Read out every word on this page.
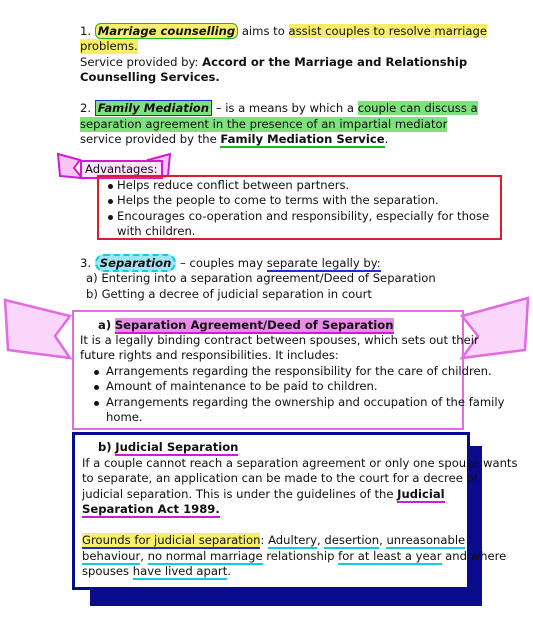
1. Marriage counselling aims to assist couples to resolve marriage
problems.
Service provided by: Accord or the Marriage and Relationship
Counselling Services.
2. Family Mediation – is a means by which a couple can discuss a
separation agreement in the presence of an impartial mediator
service provided by the Family Mediation Service.
Advantages:
Helps reduce conflict between partners.
Helps the people to come to terms with the separation.
Encourages co-operation and responsibility, especially for those
with children.
3. Separation – couples may separate legally by:
a) Entering into a separation agreement/Deed of Separation
b) Getting a decree of judicial separation in court
a) Separation Agreement/Deed of Separation
It is a legally binding contract between spouses, which sets out their
future rights and responsibilities. It includes:
Arrangements regarding the responsibility for the care of children.
Amount of maintenance to be paid to children.
Arrangements regarding the ownership and occupation of the family
home.
b) Judicial Separation
If a couple cannot reach a separation agreement or only one spouse wants
to separate, an application can be made to the court for a decree of
judicial separation. This is under the guidelines of the Judicial
Separation Act 1989.
Grounds for judicial separation: Adultery, desertion, unreasonable
behaviour, no normal marriage relationship for at least a year and where
spouses have lived apart.
